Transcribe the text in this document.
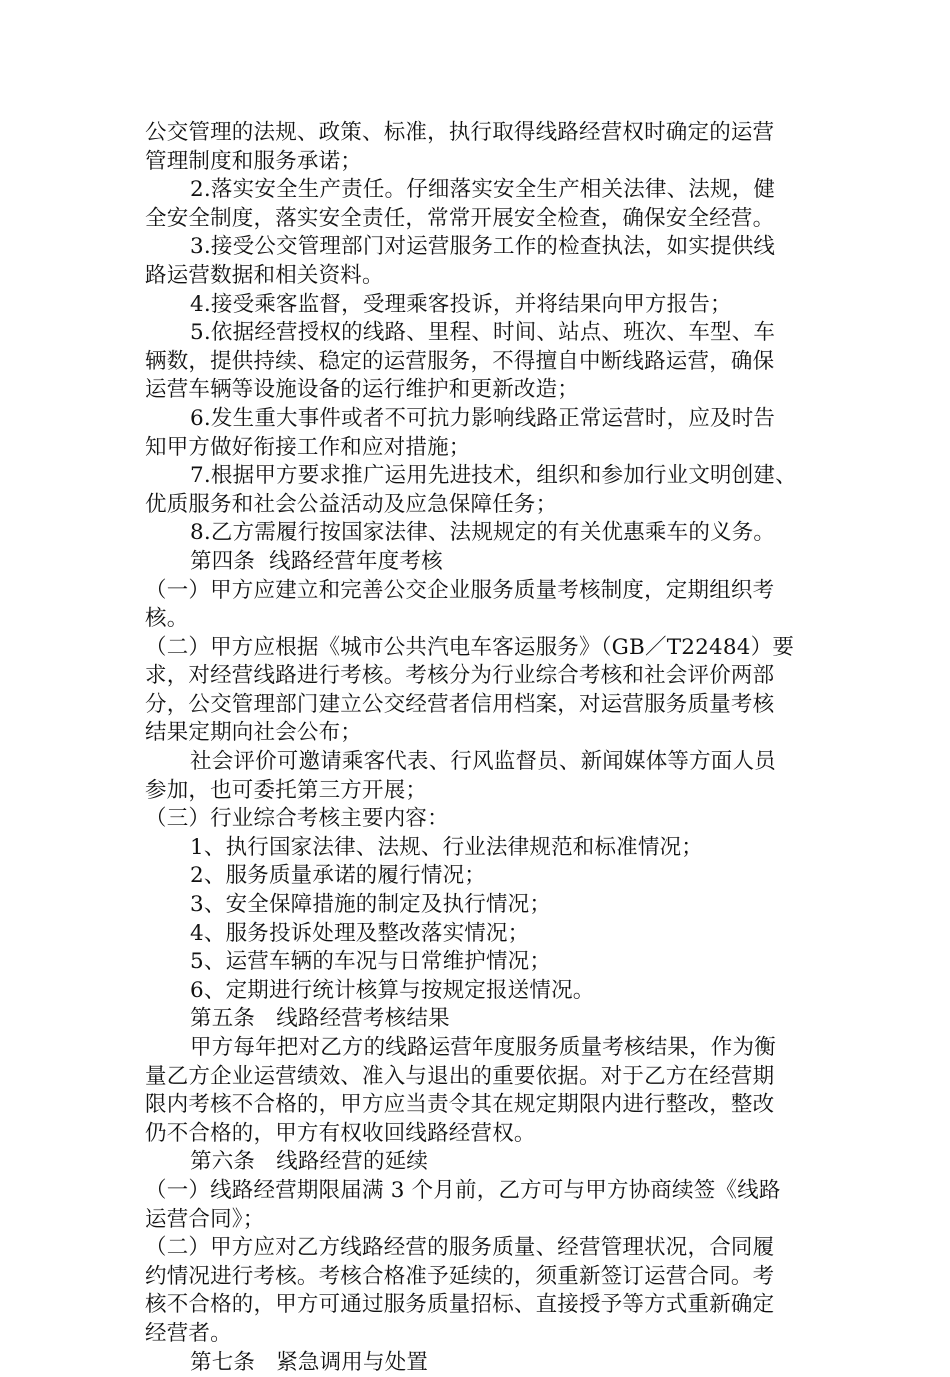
公交管理的法规、政策、标准，执行取得线路经营权时确定的运营
管理制度和服务承诺；
2.落实安全生产责任。仔细落实安全生产相关法律、法规，健
全安全制度，落实安全责任，常常开展安全检查，确保安全经营。
3.接受公交管理部门对运营服务工作的检查执法，如实提供线
路运营数据和相关资料。
4.接受乘客监督，受理乘客投诉，并将结果向甲方报告；
5.依据经营授权的线路、里程、时间、站点、班次、车型、车
辆数，提供持续、稳定的运营服务，不得擅自中断线路运营，确保
运营车辆等设施设备的运行维护和更新改造；
6.发生重大事件或者不可抗力影响线路正常运营时，应及时告
知甲方做好衔接工作和应对措施；
7.根据甲方要求推广运用先进技术，组织和参加行业文明创建、
优质服务和社会公益活动及应急保障任务；
8.乙方需履行按国家法律、法规规定的有关优惠乘车的义务。
第四条  线路经营年度考核
（一）甲方应建立和完善公交企业服务质量考核制度，定期组织考
核。
（二）甲方应根据《城市公共汽电车客运服务》（GB／T22484）要
求，对经营线路进行考核。考核分为行业综合考核和社会评价两部
分，公交管理部门建立公交经营者信用档案，对运营服务质量考核
结果定期向社会公布；
社会评价可邀请乘客代表、行风监督员、新闻媒体等方面人员
参加，也可委托第三方开展；
（三）行业综合考核主要内容：
1、执行国家法律、法规、行业法律规范和标准情况；
2、服务质量承诺的履行情况；
3、安全保障措施的制定及执行情况；
4、服务投诉处理及整改落实情况；
5、运营车辆的车况与日常维护情况；
6、定期进行统计核算与按规定报送情况。
第五条   线路经营考核结果
甲方每年把对乙方的线路运营年度服务质量考核结果，作为衡
量乙方企业运营绩效、准入与退出的重要依据。对于乙方在经营期
限内考核不合格的，甲方应当责令其在规定期限内进行整改，整改
仍不合格的，甲方有权收回线路经营权。
第六条   线路经营的延续
（一）线路经营期限届满 3 个月前，乙方可与甲方协商续签《线路
运营合同》；
（二）甲方应对乙方线路经营的服务质量、经营管理状况，合同履
约情况进行考核。考核合格准予延续的，须重新签订运营合同。考
核不合格的，甲方可通过服务质量招标、直接授予等方式重新确定
经营者。
第七条   紧急调用与处置
